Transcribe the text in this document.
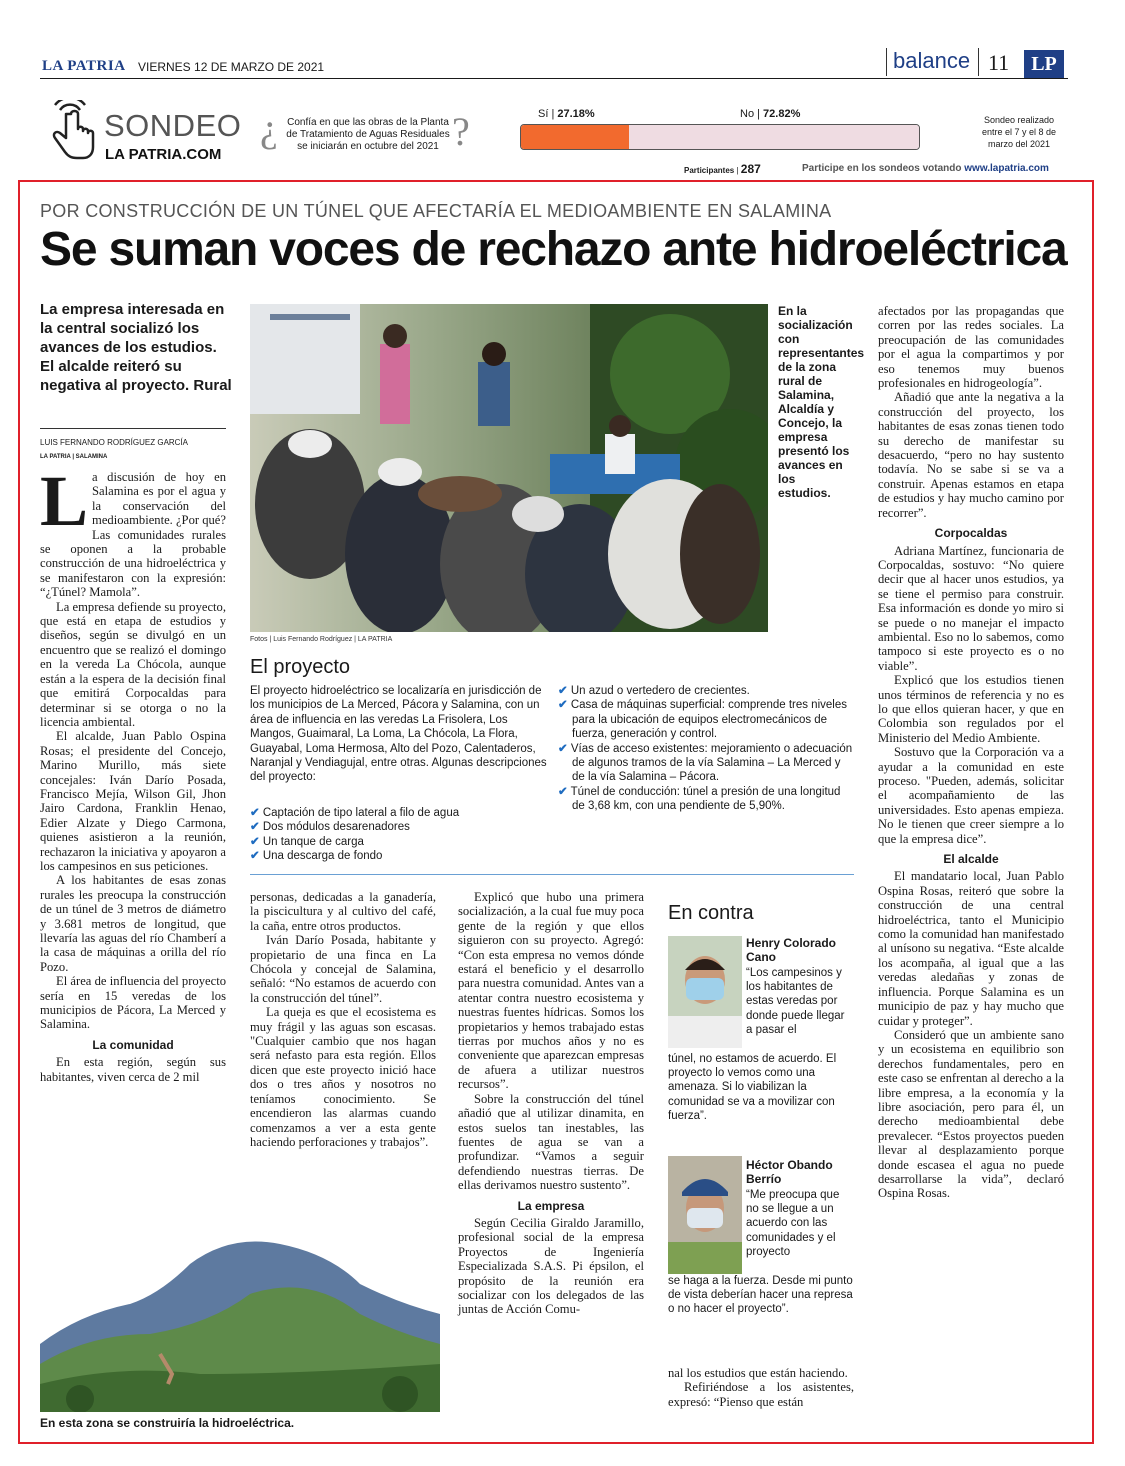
LA PATRIA VIERNES 12 DE MARZO DE 2021	balance 11	LP
SONDEO
LA PATRIA.COM
¿ Confía en que las obras de la Planta de Tratamiento de Aguas Residuales se iniciarán en octubre del 2021 ?	Sí | 27.18%	No | 72.82%
Participantes | 287
Sondeo realizado entre el 7 y el 8 de marzo del 2021
Participe en los sondeos votando www.lapatria.com
POR CONSTRUCCIÓN DE UN TÚNEL QUE AFECTARÍA EL MEDIOAMBIENTE EN SALAMINA
Se suman voces de rechazo ante hidroeléctrica
La empresa interesada en la central socializó los avances de los estudios. El alcalde reiteró su negativa al proyecto. Rural
LUIS FERNANDO RODRÍGUEZ GARCÍA
LA PATRIA | SALAMINA

La discusión de hoy en Salamina es por el agua y la conservación del medioambiente. ¿Por qué? Las comunidades rurales se oponen a la probable construcción de una hidroeléctrica y se manifestaron con la expresión: “¿Túnel? Mamola”.

La empresa defiende su proyecto, que está en etapa de estudios y diseños, según se divulgó en un encuentro que se realizó el domingo en la vereda La Chócola, aunque están a la espera de la decisión final que emitirá Corpocaldas para determinar si se otorga o no la licencia ambiental.

El alcalde, Juan Pablo Ospina Rosas; el presidente del Concejo, Marino Murillo, más siete concejales: Iván Darío Posada, Francisco Mejía, Wilson Gil, Jhon Jairo Cardona, Franklin Henao, Edier Alzate y Diego Carmona, quienes asistieron a la reunión, rechazaron la iniciativa y apoyaron a los campesinos en sus peticiones.

A los habitantes de esas zonas rurales les preocupa la construcción de un túnel de 3 metros de diámetro y 3.681 metros de longitud, que llevaría las aguas del río Chamberí a la casa de máquinas a orilla del río Pozo.

El área de influencia del proyecto sería en 15 veredas de los municipios de Pácora, La Merced y Salamina.

La comunidad

En esta región, según sus habitantes, viven cerca de 2 mil

Fotos | Luis Fernando Rodríguez | LA PATRIA
En la socialización con representantes de la zona rural de Salamina, Alcaldía y Concejo, la empresa presentó los avances en los estudios.
El proyecto
El proyecto hidroeléctrico se localizaría en jurisdicción de los municipios de La Merced, Pácora y Salamina, con un área de influencia en las veredas La Frisolera, Los Mangos, Guaimaral, La Loma, La Chócola, La Flora, Guayabal, Loma Hermosa, Alto del Pozo, Calentaderos, Naranjal y Vendiagujal, entre otras. Algunas descripciones del proyecto:
✔ Captación de tipo lateral a filo de agua
✔ Dos módulos desarenadores
✔ Un tanque de carga
✔ Una descarga de fondo
✔ Un azud o vertedero de crecientes.
✔ Casa de máquinas superficial: comprende tres niveles para la ubicación de equipos electromecánicos de fuerza, generación y control.
✔ Vías de acceso existentes: mejoramiento o adecuación de algunos tramos de la vía Salamina – La Merced y de la vía Salamina – Pácora.
✔ Túnel de conducción: túnel a presión de una longitud de 3,68 km, con una pendiente de 5,90%.

personas, dedicadas a la ganadería, la piscicultura y al cultivo del café, la caña, entre otros productos.

Iván Darío Posada, habitante y propietario de una finca en La Chócola y concejal de Salamina, señaló: “No estamos de acuerdo con la construcción del túnel”.

La queja es que el ecosistema es muy frágil y las aguas son escasas. "Cualquier cambio que nos hagan será nefasto para esta región. Ellos dicen que este proyecto inició hace dos o tres años y nosotros no teníamos conocimiento. Se encendieron las alarmas cuando comenzamos a ver a esta gente haciendo perforaciones y trabajos”.

Explicó que hubo una primera socialización, a la cual fue muy poca gente de la región y que ellos siguieron con su proyecto. Agregó: “Con esta empresa no vemos dónde estará el beneficio y el desarrollo para nuestra comunidad. Antes van a atentar contra nuestro ecosistema y nuestras fuentes hídricas. Somos los propietarios y hemos trabajado estas tierras por muchos años y no es conveniente que aparezcan empresas de afuera a utilizar nuestros recursos”.

Sobre la construcción del túnel añadió que al utilizar dinamita, en estos suelos tan inestables, las fuentes de agua se van a profundizar. “Vamos a seguir defendiendo nuestras tierras. De ellas derivamos nuestro sustento”.

La empresa

Según Cecilia Giraldo Jaramillo, profesional social de la empresa Proyectos de Ingeniería Especializada S.A.S. Pi épsilon, el propósito de la reunión era socializar con los delegados de las juntas de Acción Comu-

En contra
Henry Colorado Cano
“Los campesinos y los habitantes de estas veredas por donde puede llegar a pasar el
túnel, no estamos de acuerdo. El proyecto lo vemos como una amenaza. Si lo viabilizan la comunidad se va a movilizar con fuerza”.
Héctor Obando Berrío
“Me preocupa que no se llegue a un acuerdo con las comunidades y el proyecto
se haga a la fuerza. Desde mi punto de vista deberían hacer una represa o no hacer el proyecto”.

nal los estudios que están haciendo.

Refiriéndose a los asistentes, expresó: “Pienso que están

afectados por las propagandas que corren por las redes sociales. La preocupación de las comunidades por el agua la compartimos y por eso tenemos muy buenos profesionales en hidrogeología”.

Añadió que ante la negativa a la construcción del proyecto, los habitantes de esas zonas tienen todo su derecho de manifestar su desacuerdo, “pero no hay sustento todavía. No se sabe si se va a construir. Apenas estamos en etapa de estudios y hay mucho camino por recorrer”.

Corpocaldas

Adriana Martínez, funcionaria de Corpocaldas, sostuvo: “No quiere decir que al hacer unos estudios, ya se tiene el permiso para construir. Esa información es donde yo miro si se puede o no manejar el impacto ambiental. Eso no lo sabemos, como tampoco si este proyecto es o no viable”.

Explicó que los estudios tienen unos términos de referencia y no es lo que ellos quieran hacer, y que en Colombia son regulados por el Ministerio del Medio Ambiente.

Sostuvo que la Corporación va a ayudar a la comunidad en este proceso. "Pueden, además, solicitar el acompañamiento de las universidades. Esto apenas empieza. No le tienen que creer siempre a lo que la empresa dice”.

El alcalde

El mandatario local, Juan Pablo Ospina Rosas, reiteró que sobre la construcción de una central hidroeléctrica, tanto el Municipio como la comunidad han manifestado al unísono su negativa. “Este alcalde los acompaña, al igual que a las veredas aledañas y zonas de influencia. Porque Salamina es un municipio de paz y hay mucho que cuidar y proteger”.

Consideró que un ambiente sano y un ecosistema en equilibrio son derechos fundamentales, pero en este caso se enfrentan al derecho a la libre empresa, a la economía y la libre asociación, pero para él, un derecho medioambiental debe prevalecer. “Estos proyectos pueden llevar al desplazamiento porque donde escasea el agua no puede desarrollarse la vida”, declaró Ospina Rosas.

En esta zona se construiría la hidroeléctrica.
